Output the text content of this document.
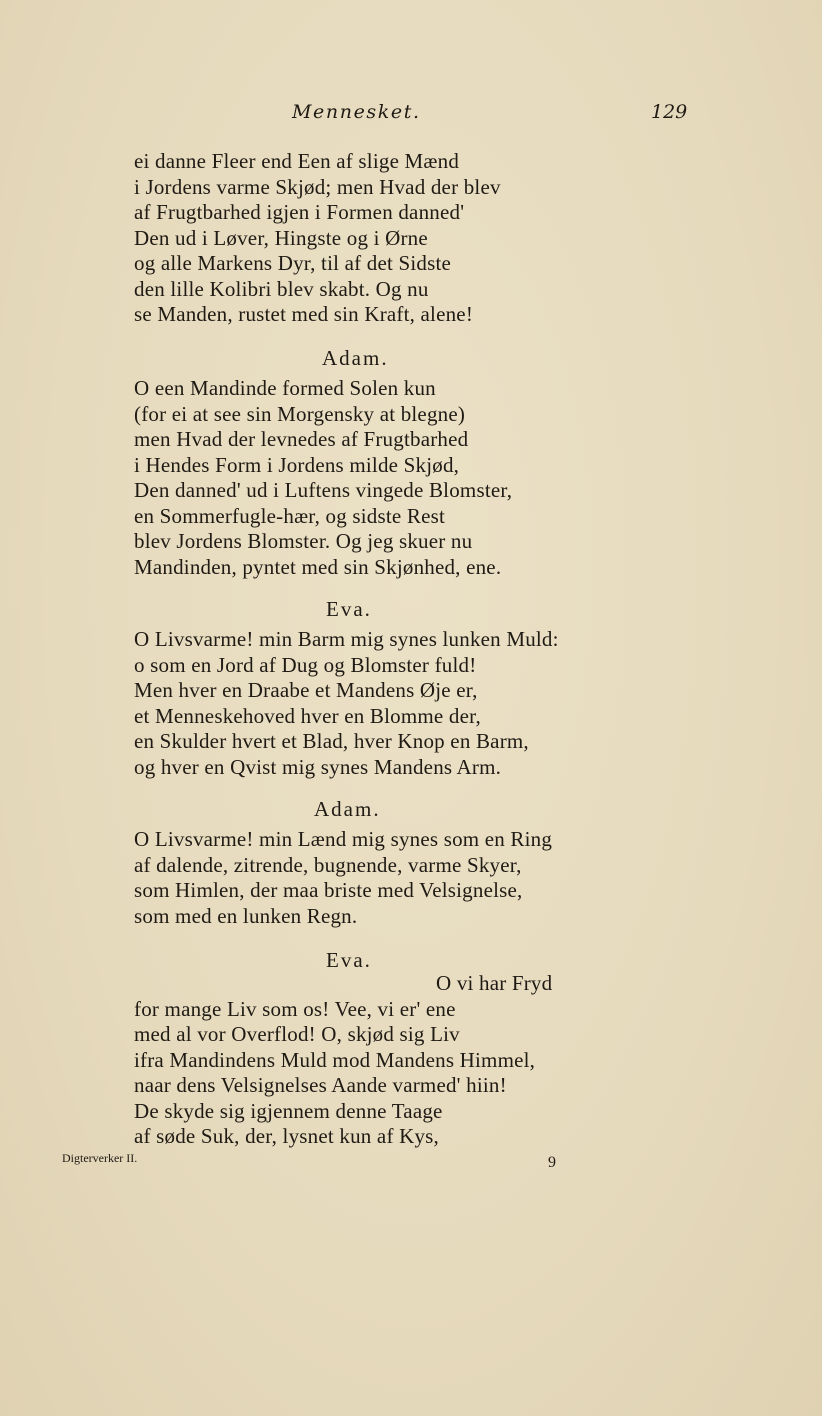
Mennesket.	129
ei danne Fleer end Een af slige Mænd
i Jordens varme Skjød; men Hvad der blev
af Frugtbarhed igjen i Formen danned'
Den ud i Løver, Hingste og i Ørne
og alle Markens Dyr, til af det Sidste
den lille Kolibri blev skabt. Og nu
se Manden, rustet med sin Kraft, alene!
Adam.
O een Mandinde formed Solen kun
(for ei at see sin Morgensky at blegne)
men Hvad der levnedes af Frugtbarhed
i Hendes Form i Jordens milde Skjød,
Den danned' ud i Luftens vingede Blomster,
en Sommerfugle-hær, og sidste Rest
blev Jordens Blomster. Og jeg skuer nu
Mandinden, pyntet med sin Skjønhed, ene.
Eva.
O Livsvarme! min Barm mig synes lunken Muld:
o som en Jord af Dug og Blomster fuld!
Men hver en Draabe et Mandens Øje er,
et Menneskehoved hver en Blomme der,
en Skulder hvert et Blad, hver Knop en Barm,
og hver en Qvist mig synes Mandens Arm.
Adam.
O Livsvarme! min Lænd mig synes som en Ring
af dalende, zitrende, bugnende, varme Skyer,
som Himlen, der maa briste med Velsignelse,
som med en lunken Regn.
Eva.
O vi har Fryd
for mange Liv som os! Vee, vi er' ene
med al vor Overflod! O, skjød sig Liv
ifra Mandindens Muld mod Mandens Himmel,
naar dens Velsignelses Aande varmed' hiin!
De skyde sig igjennem denne Taage
af søde Suk, der, lysnet kun af Kys,
Digterverker II.	9
